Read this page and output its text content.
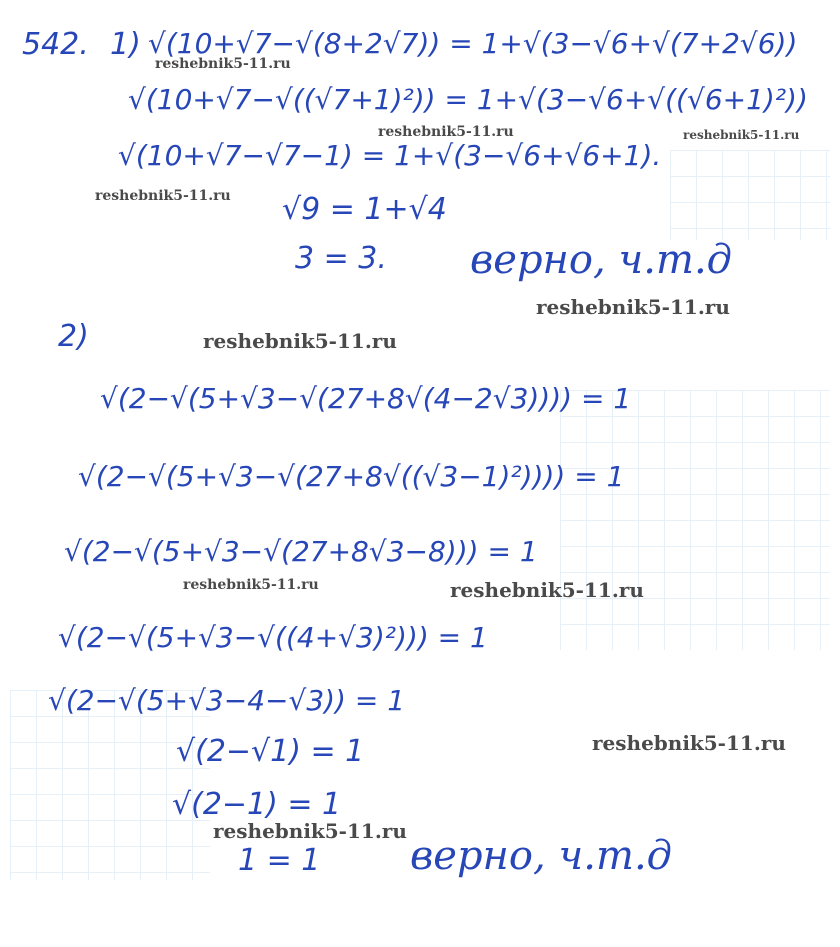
542. 1) √(10+√7−√(8+2√7)) = 1+√(3−√6+√(7+2√6))
√(10+√7−√((√7+1)²)) = 1+√(3−√6+√((√6+1)²))
√(10+√7−√7−1) = 1+√(3−√6+√6+1).
√9 = 1+√4
3 = 3. верно, ч.т.д
2)
√(2−√(5+√3−√(27+8√(4−2√3)))) = 1
√(2−√(5+√3−√(27+8√((√3−1)²)))) = 1
√(2−√(5+√3−√(27+8√3−8))) = 1
√(2−√(5+√3−√((4+√3)²))) = 1
√(2−√(5+√3−4−√3)) = 1
√(2−√1) = 1
√(2−1) = 1
1 = 1 верно, ч.т.д
reshebnik5-11.ru
reshebnik5-11.ru	reshebnik5-11.ru
reshebnik5-11.ru
reshebnik5-11.ru
reshebnik5-11.ru
reshebnik5-11.ru	reshebnik5-11.ru
reshebnik5-11.ru
reshebnik5-11.ru
